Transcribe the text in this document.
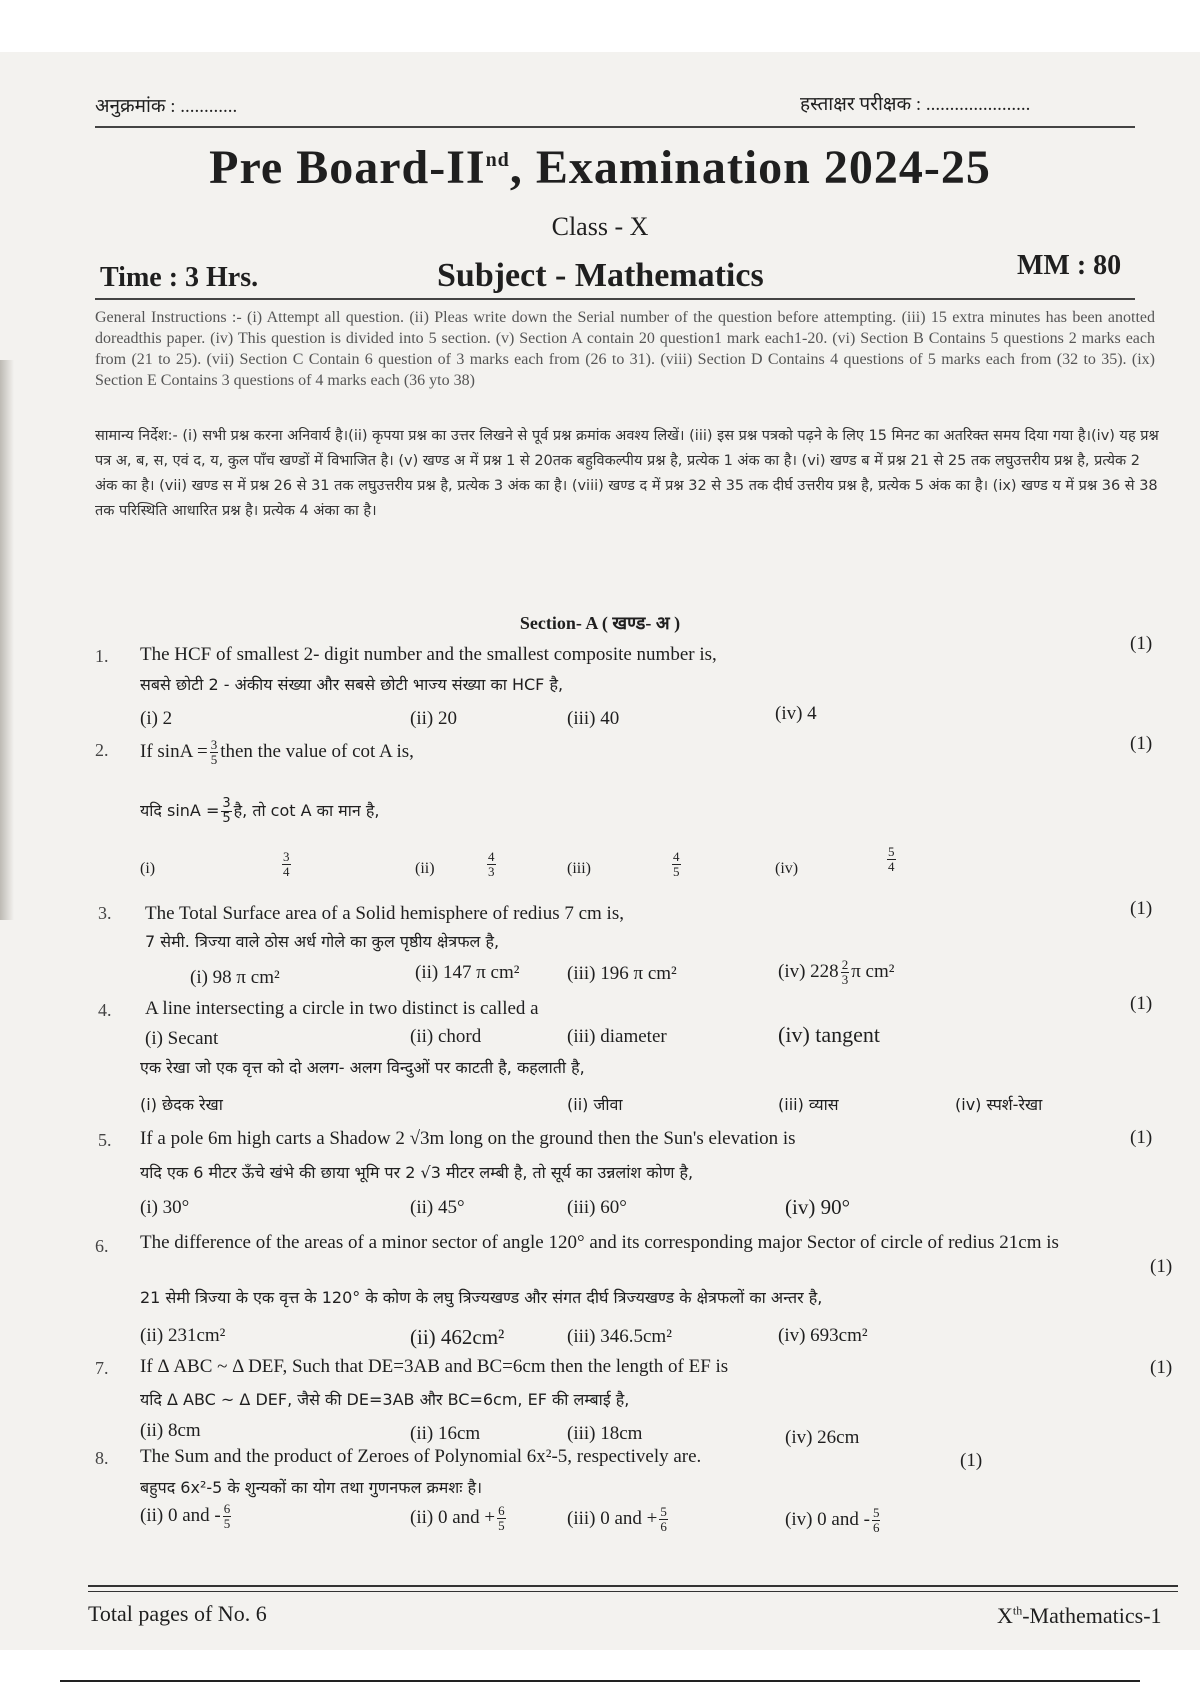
अनुक्रमांक : ............	हस्ताक्षर परीक्षक : ......................
Pre Board-IInd, Examination 2024-25
Class - X
Time : 3 Hrs.	Subject - Mathematics	MM : 80
General Instructions :- (i) Attempt all question. (ii) Pleas write down the Serial number of the question before attempting. (iii) 15 extra minutes has been anotted doreadthis paper. (iv) This question is divided into 5 section. (v) Section A contain 20 question1 mark each1-20. (vi) Section B Contains 5 questions 2 marks each from (21 to 25). (vii) Section C Contain 6 question of 3 marks each from (26 to 31). (viii) Section D Contains 4 questions of 5 marks each from (32 to 35). (ix) Section E Contains 3 questions of 4 marks each (36 yto 38)
सामान्य निर्देश:- (i) सभी प्रश्न करना अनिवार्य है।(ii) कृपया प्रश्न का उत्तर लिखने से पूर्व प्रश्न क्रमांक अवश्य लिखें। (iii) इस प्रश्न पत्रको पढ़ने के लिए 15 मिनट का अतरिक्त समय दिया गया है।(iv) यह प्रश्न पत्र अ, ब, स, एवं द, य, कुल पाँच खण्डों में विभाजित है। (v) खण्ड अ में प्रश्न 1 से 20तक बहुविकल्पीय प्रश्न है, प्रत्येक 1 अंक का है। (vi) खण्ड ब में प्रश्न 21 से 25 तक लघुउत्तरीय प्रश्न है, प्रत्येक 2 अंक का है। (vii) खण्ड स में प्रश्न 26 से 31 तक लघुउत्तरीय प्रश्न है, प्रत्येक 3 अंक का है। (viii) खण्ड द में प्रश्न 32 से 35 तक दीर्घ उत्तरीय प्रश्न है, प्रत्येक 5 अंक का है। (ix) खण्ड य में प्रश्न 36 से 38 तक परिस्थिति आधारित प्रश्न है। प्रत्येक 4 अंका का है।
Section- A ( खण्ड- अ )
1. The HCF of smallest 2- digit number and the smallest composite number is,
(1)
सबसे छोटी 2 - अंकीय संख्या और सबसे छोटी भाज्य संख्या का HCF है,
(i) 2	(ii) 20	(iii) 40	(iv) 4
2. If $\sin A = \frac{3}{5}$ then the value of cot A is,	(1)
यदि $\sin A = \frac{3}{5}$ है, तो cot A का मान है,
(i)	$\frac{3}{4}$	(ii)	$\frac{4}{3}$	(iii)	$\frac{4}{5}$	(iv)	$\frac{5}{4}$
3. The Total Surface area of a Solid hemisphere of redius 7 cm is,	(1)
7 सेमी. त्रिज्या वाले ठोस अर्ध गोले का कुल पृष्ठीय क्षेत्रफल है,
(i) 98 π cm²	(ii) 147 π cm²	(iii) 196 π cm²	(iv) $228 \frac{2}{3}$ π cm²
4. A line intersecting a circle in two distinct is called a	(1)
(i) Secant	(ii) chord	(iii) diameter	(iv) tangent
एक रेखा जो एक वृत्त को दो अलग- अलग विन्दुओं पर काटती है, कहलाती है,
(i) छेदक रेखा	(ii) जीवा	(iii) व्यास	(iv) स्पर्श-रेखा
5. If a pole 6m high carts a Shadow 2 √3m long on the ground then the Sun's elevation is	(1)
यदि एक 6 मीटर ऊँचे खंभे की छाया भूमि पर 2 √3 मीटर लम्बी है, तो सूर्य का उन्नलांश कोण है,
(i) 30°	(ii) 45°	(iii) 60°	(iv) 90°
6. The difference of the areas of a minor sector of angle 120° and its corresponding major Sector of circle of redius 21cm is
(1)
21 सेमी त्रिज्या के एक वृत्त के 120° के कोण के लघु त्रिज्यखण्ड और संगत दीर्घ त्रिज्यखण्ड के क्षेत्रफलों का अन्तर है,
(ii) 231cm²	(ii) 462cm²	(iii) 346.5cm²	(iv) 693cm²
7. If Δ ABC ~ Δ DEF, Such that DE=3AB and BC=6cm then the length of EF is	(1)
यदि Δ ABC ~ Δ DEF, जैसे की DE=3AB और BC=6cm, EF की लम्बाई है,
(ii) 8cm	(ii) 16cm	(iii) 18cm	(iv) 26cm
8. The Sum and the product of Zeroes of Polynomial 6x²-5, respectively are.	(1)
बहुपद 6x²-5 के शुन्यकों का योग तथा गुणनफल क्रमशः है।
(ii) 0 and - $\frac{6}{5}$	(ii) 0 and + $\frac{6}{5}$	(iii) 0 and + $\frac{5}{6}$	(iv) 0 and - $\frac{5}{6}$
Total pages of No. 6	Xth-Mathematics-1
